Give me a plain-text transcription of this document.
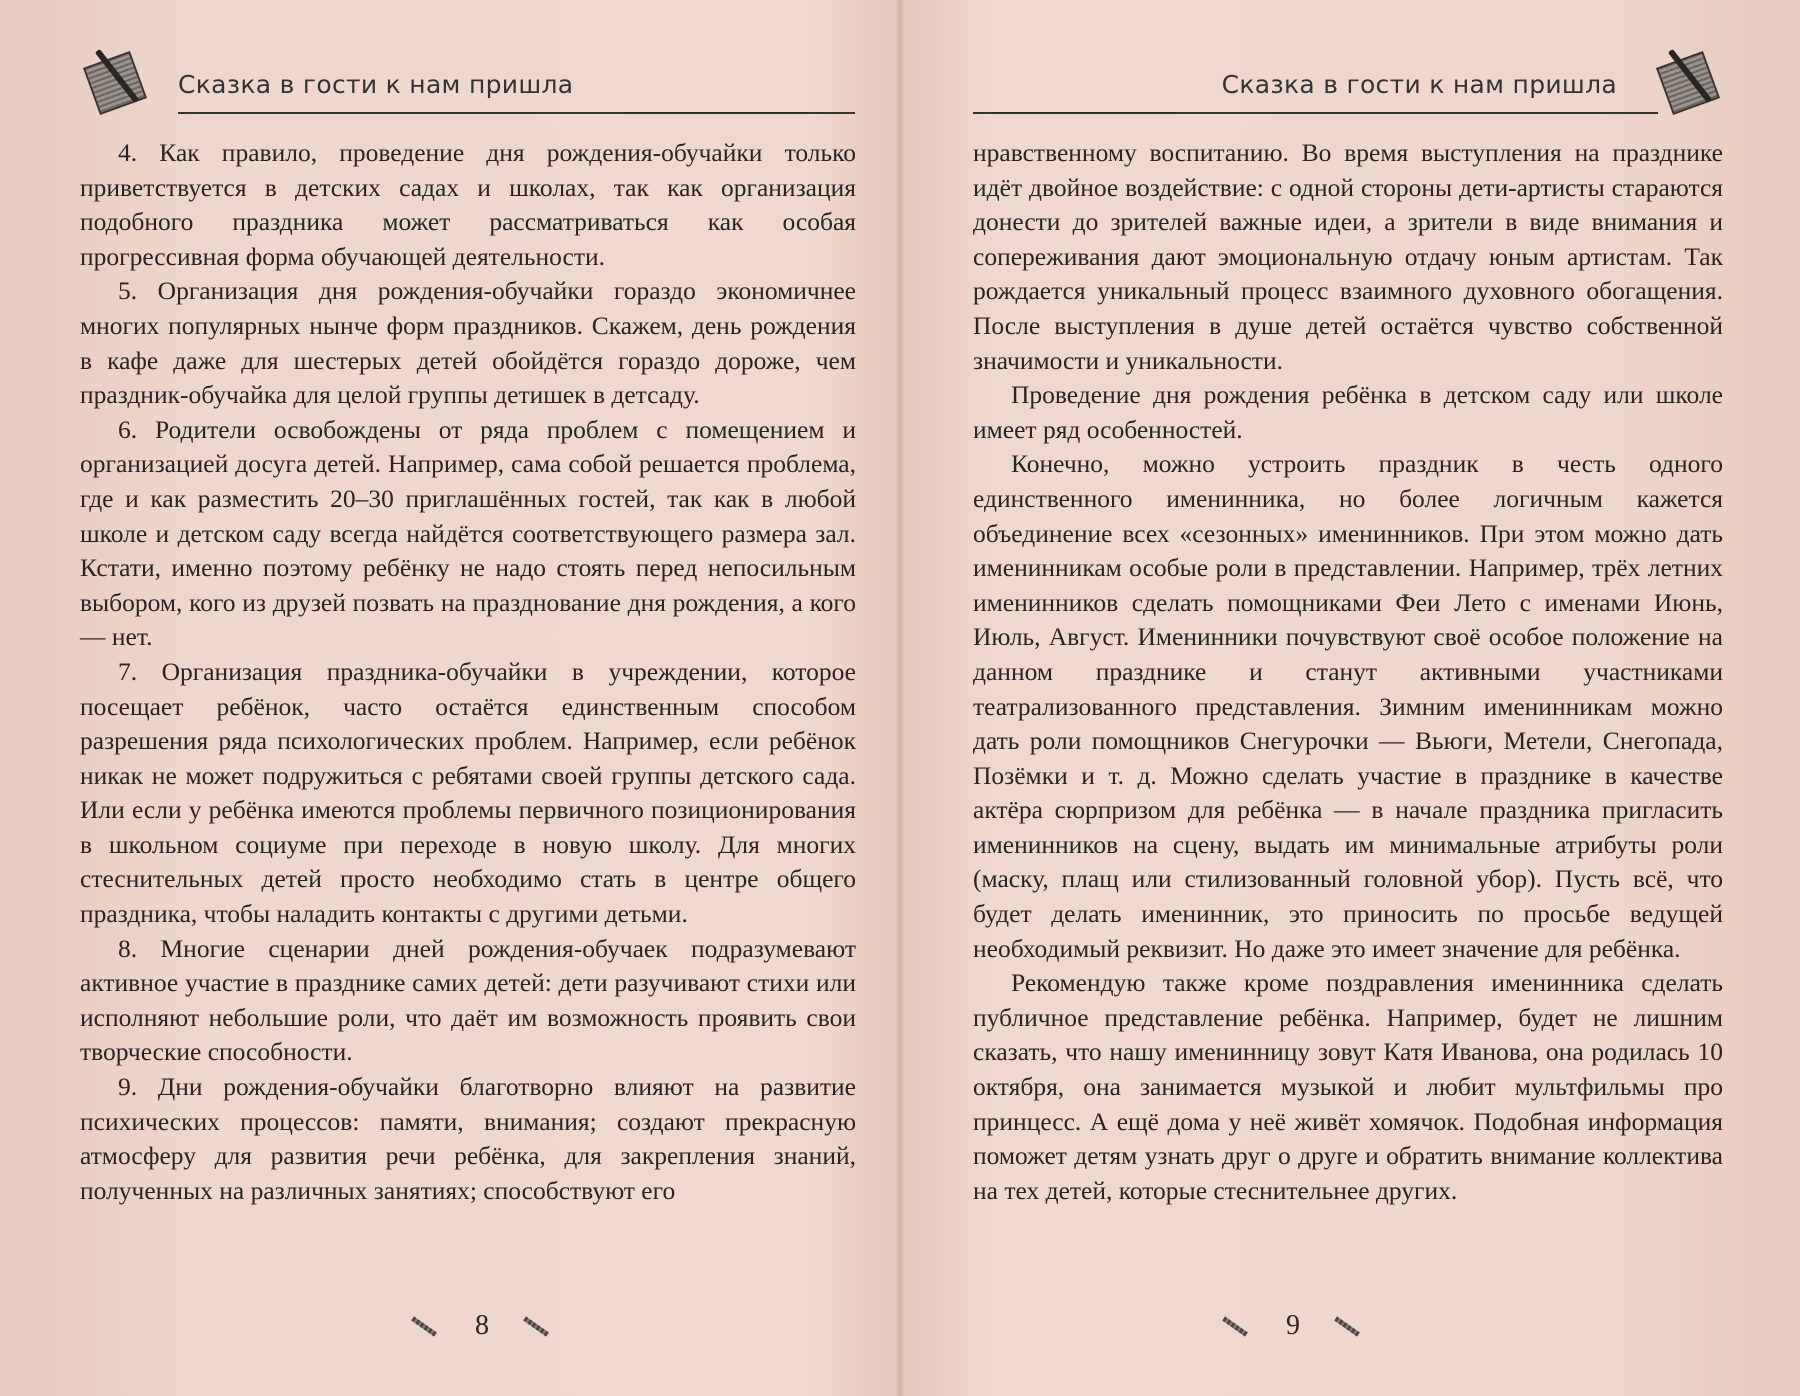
Сказка в гости к нам пришла

4. Как правило, проведение дня рождения-обучайки только приветствуется в детских садах и школах, так как организация подобного праздника может рассматриваться как особая прогрессивная форма обучающей деятельности.

5. Организация дня рождения-обучайки гораздо экономичнее многих популярных нынче форм праздников. Скажем, день рождения в кафе даже для шестерых детей обойдётся гораздо дороже, чем праздник-обучайка для целой группы детишек в детсаду.

6. Родители освобождены от ряда проблем с помещением и организацией досуга детей. Например, сама собой решается проблема, где и как разместить 20–30 приглашённых гостей, так как в любой школе и детском саду всегда найдётся соответствующего размера зал. Кстати, именно поэтому ребёнку не надо стоять перед непосильным выбором, кого из друзей позвать на празднование дня рождения, а кого — нет.

7. Организация праздника-обучайки в учреждении, которое посещает ребёнок, часто остаётся единственным способом разрешения ряда психологических проблем. Например, если ребёнок никак не может подружиться с ребятами своей группы детского сада. Или если у ребёнка имеются проблемы первичного позиционирования в школьном социуме при переходе в новую школу. Для многих стеснительных детей просто необходимо стать в центре общего праздника, чтобы наладить контакты с другими детьми.

8. Многие сценарии дней рождения-обучаек подразумевают активное участие в празднике самих детей: дети разучивают стихи или исполняют небольшие роли, что даёт им возможность проявить свои творческие способности.

9. Дни рождения-обучайки благотворно влияют на развитие психических процессов: памяти, внимания; создают прекрасную атмосферу для развития речи ребёнка, для закрепления знаний, полученных на различных занятиях; способствуют его

8
Сказка в гости к нам пришла

нравственному воспитанию. Во время выступления на празднике идёт двойное воздействие: с одной стороны дети-артисты стараются донести до зрителей важные идеи, а зрители в виде внимания и сопереживания дают эмоциональную отдачу юным артистам. Так рождается уникальный процесс взаимного духовного обогащения. После выступления в душе детей остаётся чувство собственной значимости и уникальности.

Проведение дня рождения ребёнка в детском саду или школе имеет ряд особенностей.

Конечно, можно устроить праздник в честь одного единственного именинника, но более логичным кажется объединение всех «сезонных» именинников. При этом можно дать именинникам особые роли в представлении. Например, трёх летних именинников сделать помощниками Феи Лето с именами Июнь, Июль, Август. Именинники почувствуют своё особое положение на данном празднике и станут активными участниками театрализованного представления. Зимним именинникам можно дать роли помощников Снегурочки — Вьюги, Метели, Снегопада, Позёмки и т. д. Можно сделать участие в празднике в качестве актёра сюрпризом для ребёнка — в начале праздника пригласить именинников на сцену, выдать им минимальные атрибуты роли (маску, плащ или стилизованный головной убор). Пусть всё, что будет делать именинник, это приносить по просьбе ведущей необходимый реквизит. Но даже это имеет значение для ребёнка.

Рекомендую также кроме поздравления именинника сделать публичное представление ребёнка. Например, будет не лишним сказать, что нашу именинницу зовут Катя Иванова, она родилась 10 октября, она занимается музыкой и любит мультфильмы про принцесс. А ещё дома у неё живёт хомячок. Подобная информация поможет детям узнать друг о друге и обратить внимание коллектива на тех детей, которые стеснительнее других.

9
